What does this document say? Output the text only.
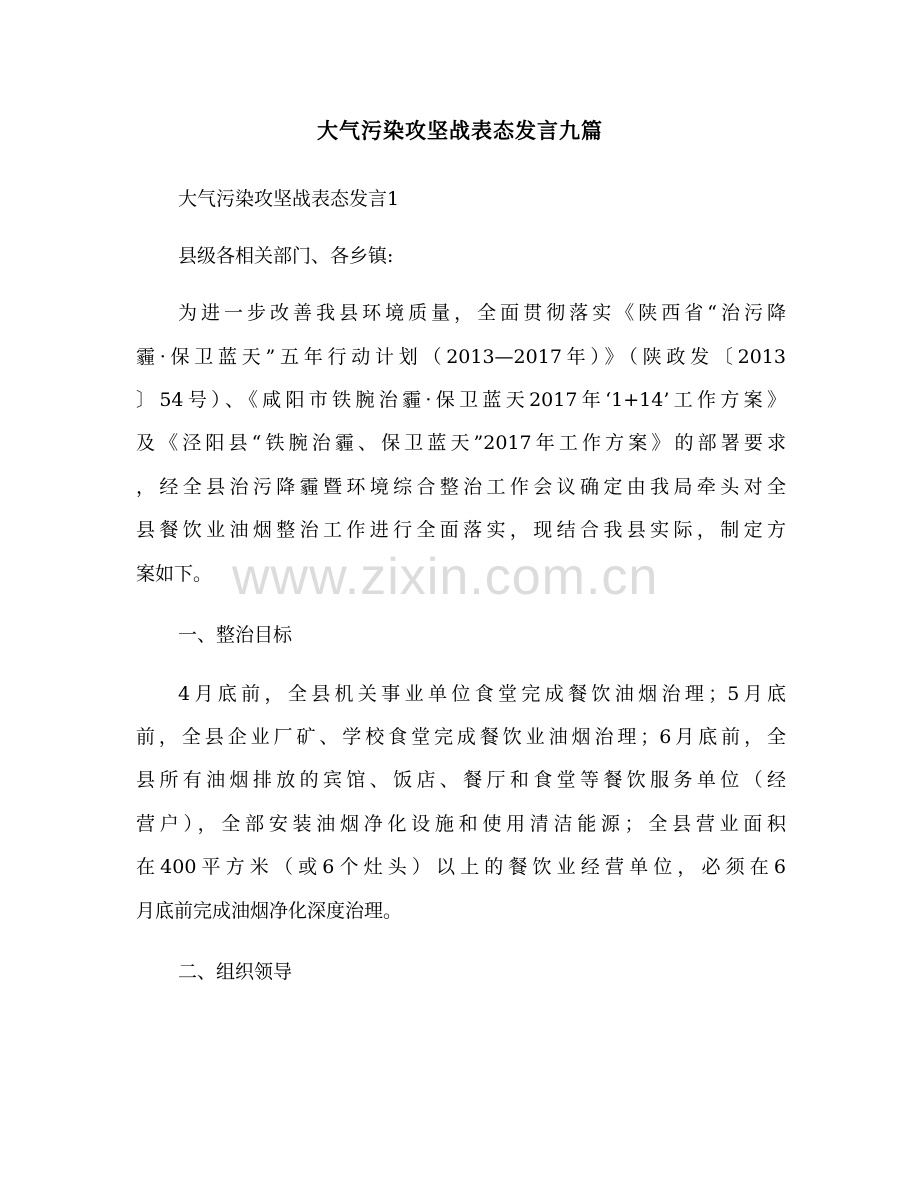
大气污染攻坚战表态发言九篇
大气污染攻坚战表态发言1
县级各相关部门、各乡镇:
为进一步改善我县环境质量，全面贯彻落实《陕西省“治污降
霾·保卫蓝天”五年行动计划（2013—2017年）》（陕政发〔2013
〕54号）、《咸阳市铁腕治霾·保卫蓝天2017年‘1+14’工作方案》
及《泾阳县“铁腕治霾、保卫蓝天”2017年工作方案》的部署要求
，经全县治污降霾暨环境综合整治工作会议确定由我局牵头对全
县餐饮业油烟整治工作进行全面落实，现结合我县实际，制定方
案如下。
一、整治目标
4月底前，全县机关事业单位食堂完成餐饮油烟治理；5月底
前，全县企业厂矿、学校食堂完成餐饮业油烟治理；6月底前，全
县所有油烟排放的宾馆、饭店、餐厅和食堂等餐饮服务单位（经
营户），全部安装油烟净化设施和使用清洁能源；全县营业面积
在400平方米（或6个灶头）以上的餐饮业经营单位，必须在6
月底前完成油烟净化深度治理。
二、组织领导
www.zixin.com.cn
